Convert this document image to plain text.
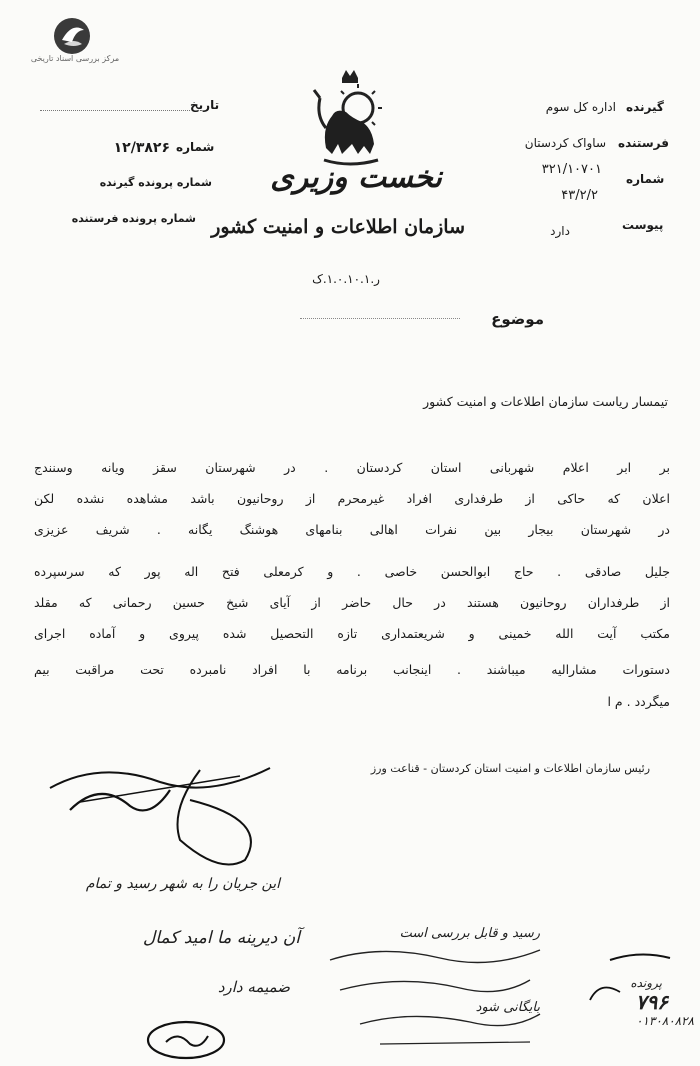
مرکز بررسی اسناد تاریخی
گیرنده
اداره کل سوم
فرستنده
ساواک کردستان
شماره
۳۲۱/۱۰۷۰۱
۴۳/۲/۲
پیوست
دارد
تاریخ
شماره
۱۲/۳۸۲۶
شماره پرونده گیرنده
شماره پرونده فرستنده
نخست وزیری
سازمان اطلاعات و امنیت کشور
ر.۱.۰.۱۰.۱.ک
موضوع
تیمسار ریاست سازمان اطلاعات و امنیت کشور
بر ابر اعلام شهربانی استان کردستان . در شهرستان سقز ویانه وسنندج
اعلان که حاکی از طرفداری افراد غیرمحرم از روحانیون باشد مشاهده نشده لکن
در شهرستان بیجار بین نفرات اهالی بنامهای هوشنگ یگانه . شریف عزیزی
جلیل صادقی . حاج ابوالحسن خاصی . و کرمعلی فتح اله پور که سرسپرده
از طرفداران روحانیون هستند در حال حاضر از آیای شیخ حسین رحمانی که مقلد
مکتب آیت الله خمینی و شریعتمداری تازه التحصیل شده پیروی و آماده اجرای
دستورات مشارالیه میباشند . اینجانب برنامه با افراد نامبرده تحت مراقبت بیم
میگردد . م ا
رئیس سازمان اطلاعات و امنیت استان کردستان - قناعت ورز
این جریان را به شهر رسید و تمام
آن دیرینه ما امید کمال
ضمیمه دارد
رسید و قابل بررسی است
بایگانی شود	۷۹۶
پرونده
۰۱۳۰۸۰۸۲۸
